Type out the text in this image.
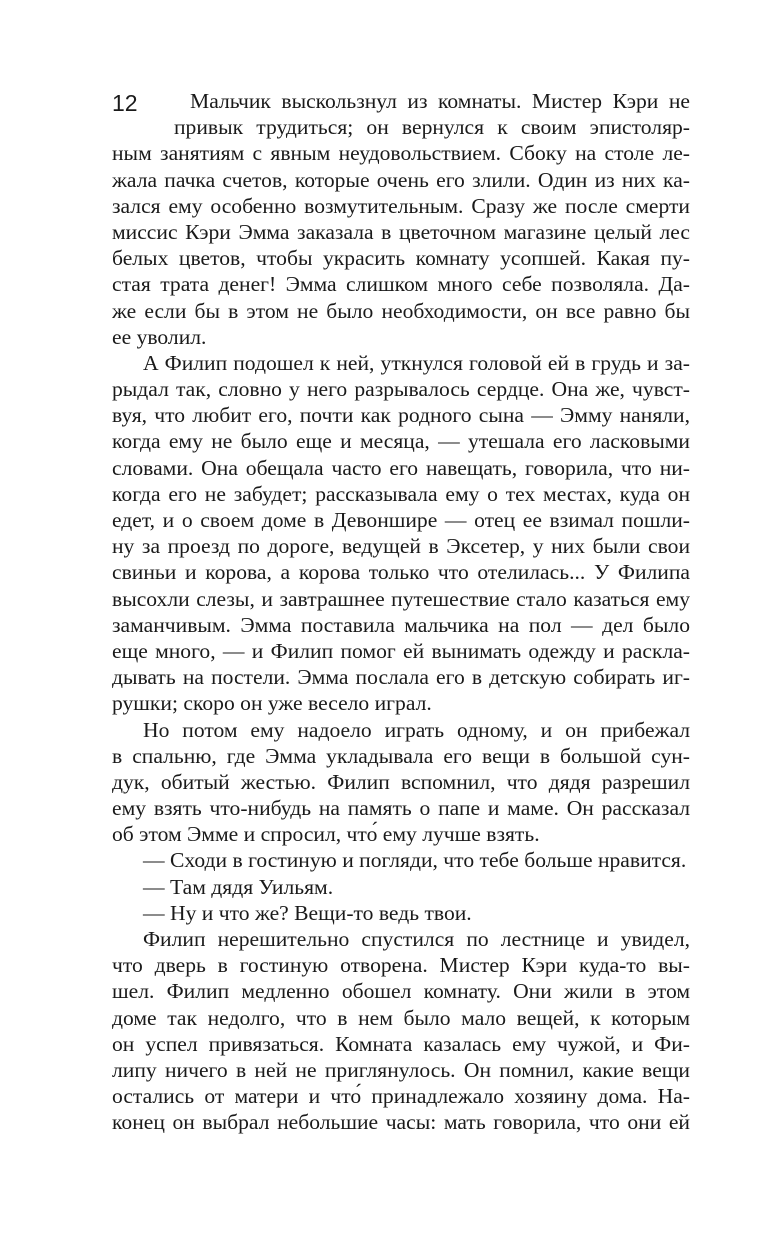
12 Мальчик выскользнул из комнаты. Мистер Кэри не
привык трудиться; он вернулся к своим эпистоляр-
ным занятиям с явным неудовольствием. Сбоку на столе ле-
жала пачка счетов, которые очень его злили. Один из них ка-
зался ему особенно возмутительным. Сразу же после смерти
миссис Кэри Эмма заказала в цветочном магазине целый лес
белых цветов, чтобы украсить комнату усопшей. Какая пу-
стая трата денег! Эмма слишком много себе позволяла. Да-
же если бы в этом не было необходимости, он все равно бы
ее уволил.
А Филип подошел к ней, уткнулся головой ей в грудь и за-
рыдал так, словно у него разрывалось сердце. Она же, чувст-
вуя, что любит его, почти как родного сына — Эмму наняли,
когда ему не было еще и месяца, — утешала его ласковыми
словами. Она обещала часто его навещать, говорила, что ни-
когда его не забудет; рассказывала ему о тех местах, куда он
едет, и о своем доме в Девоншире — отец ее взимал пошли-
ну за проезд по дороге, ведущей в Эксетер, у них были свои
свиньи и корова, а корова только что отелилась... У Филипа
высохли слезы, и завтрашнее путешествие стало казаться ему
заманчивым. Эмма поставила мальчика на пол — дел было
еще много, — и Филип помог ей вынимать одежду и раскла-
дывать на постели. Эмма послала его в детскую собирать иг-
рушки; скоро он уже весело играл.
Но потом ему надоело играть одному, и он прибежал
в спальню, где Эмма укладывала его вещи в большой сун-
дук, обитый жестью. Филип вспомнил, что дядя разрешил
ему взять что-нибудь на память о папе и маме. Он рассказал
об этом Эмме и спросил, что́ ему лучше взять.
— Сходи в гостиную и погляди, что тебе больше нравится.
— Там дядя Уильям.
— Ну и что же? Вещи-то ведь твои.
Филип нерешительно спустился по лестнице и увидел,
что дверь в гостиную отворена. Мистер Кэри куда-то вы-
шел. Филип медленно обошел комнату. Они жили в этом
доме так недолго, что в нем было мало вещей, к которым
он успел привязаться. Комната казалась ему чужой, и Фи-
липу ничего в ней не приглянулось. Он помнил, какие вещи
остались от матери и что́ принадлежало хозяину дома. На-
конец он выбрал небольшие часы: мать говорила, что они ей
